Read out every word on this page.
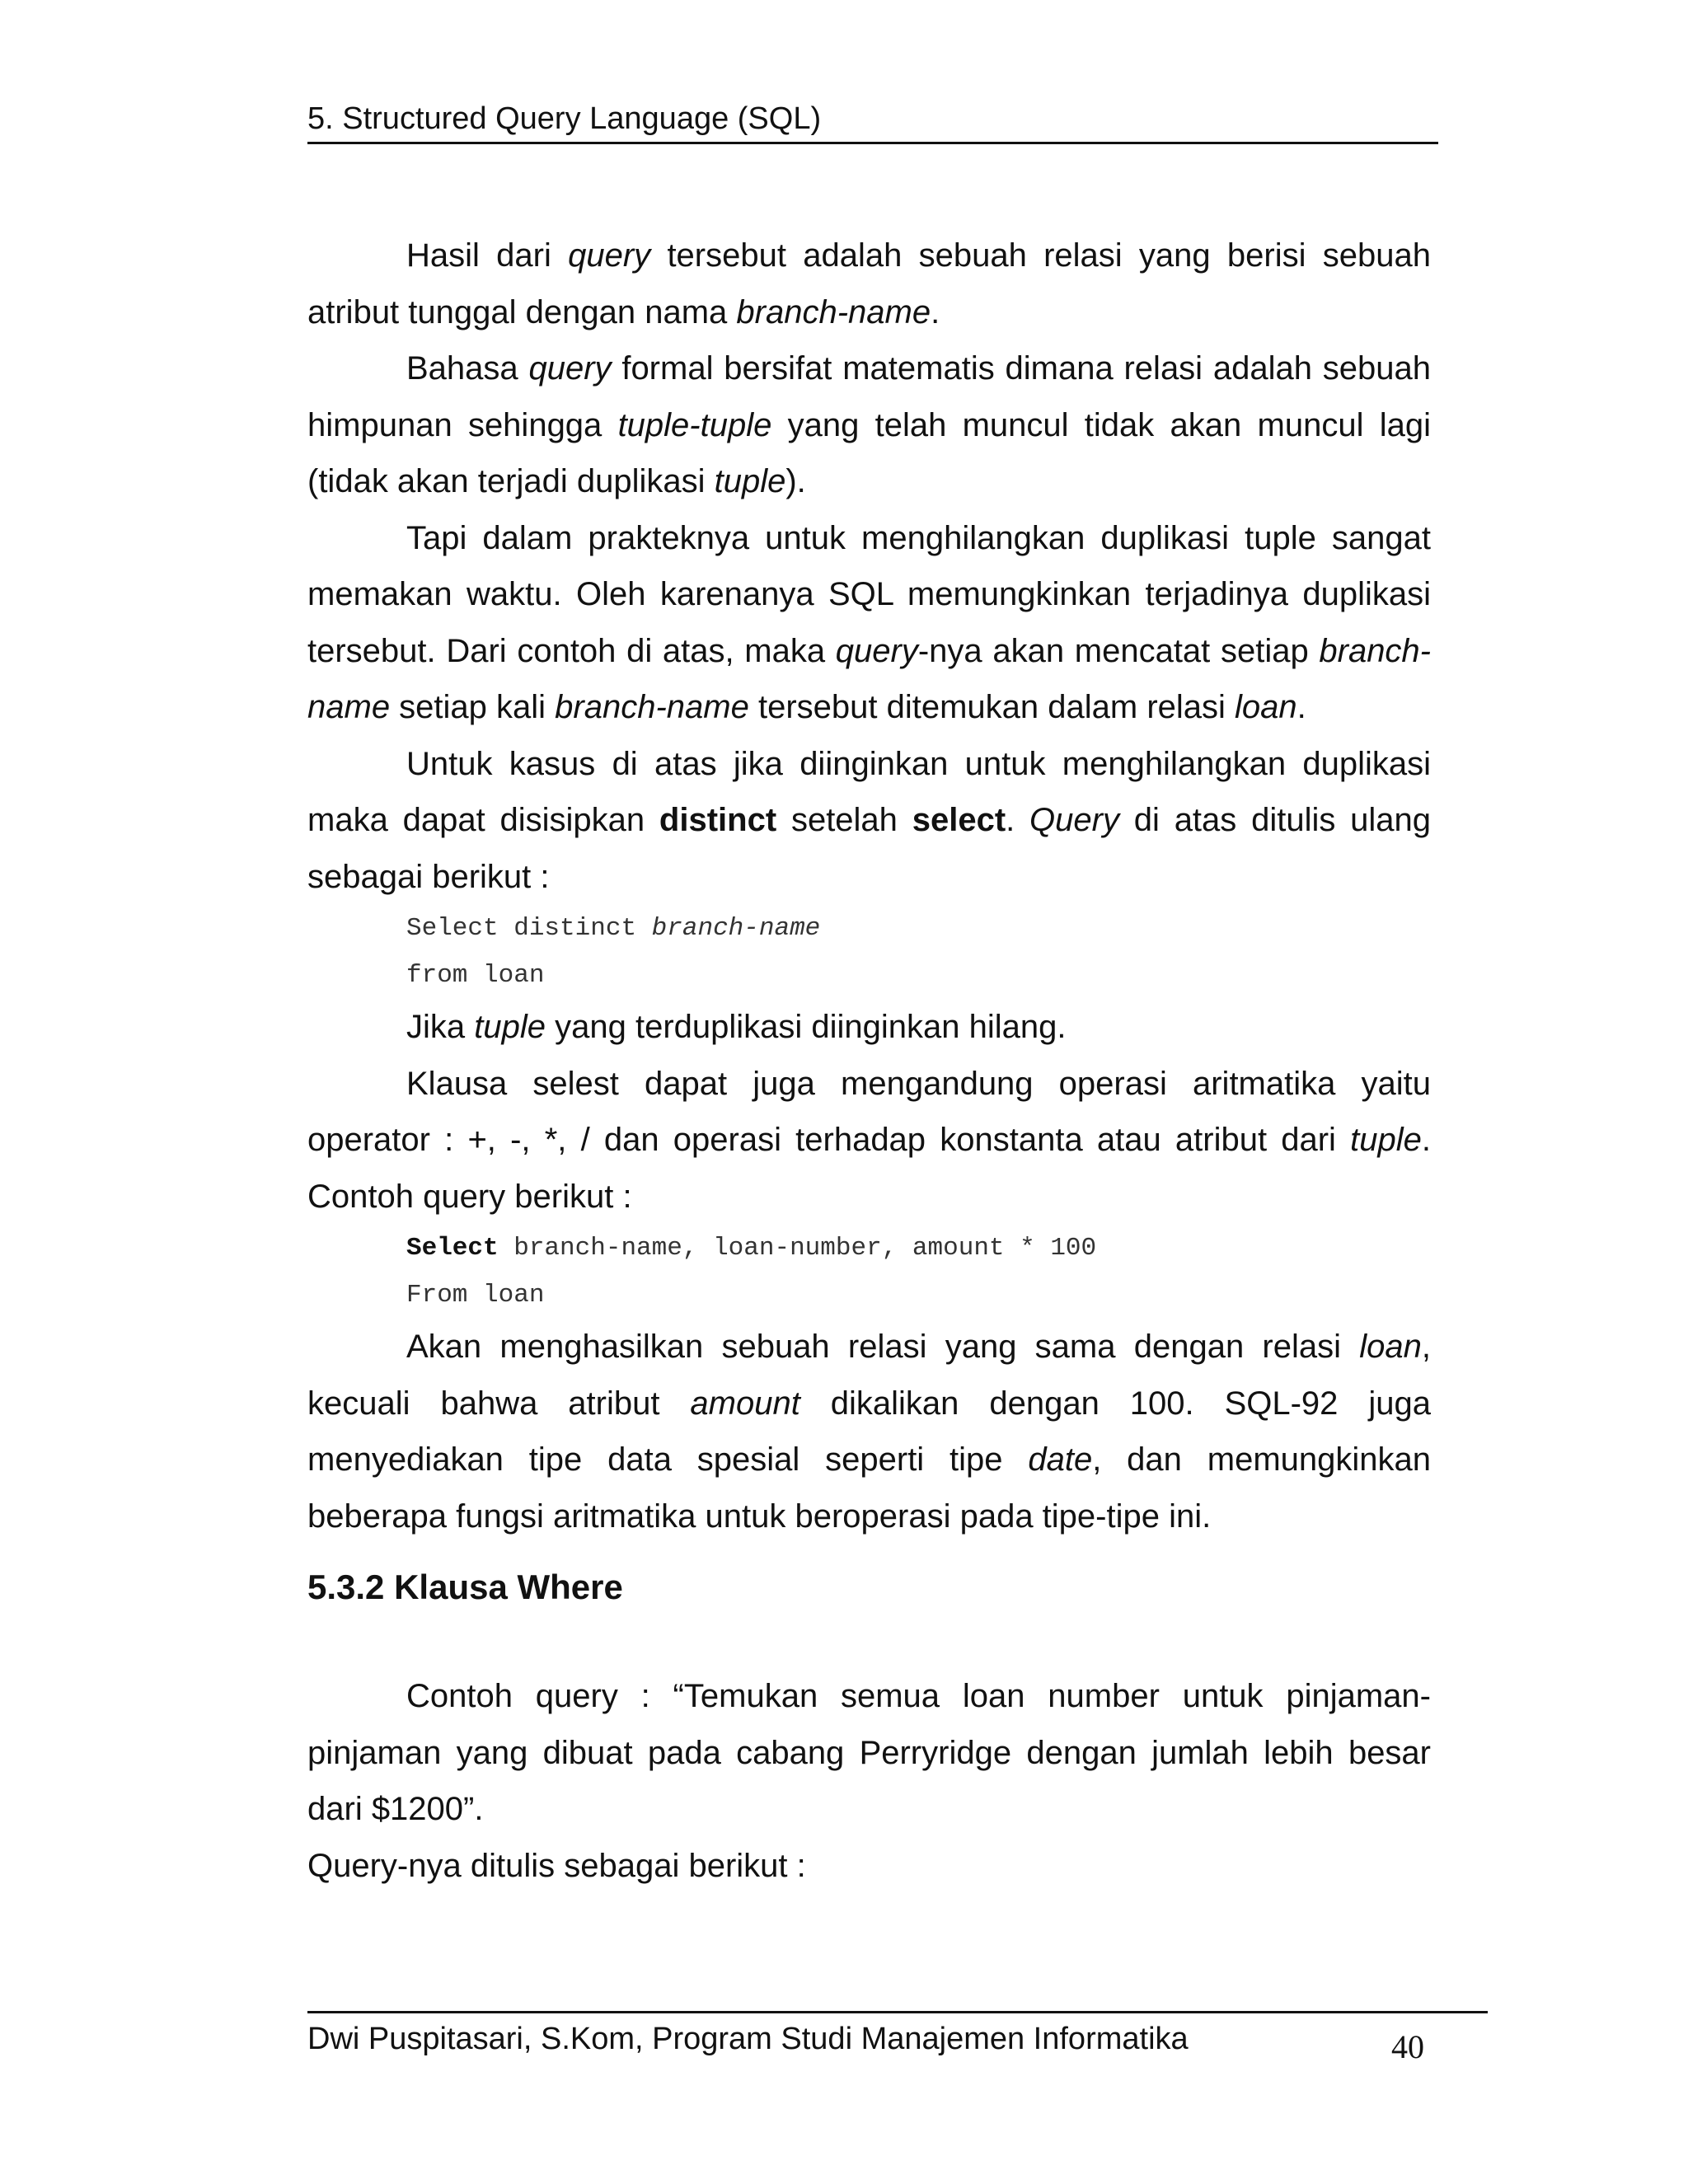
5. Structured Query Language (SQL)

Hasil dari query tersebut adalah sebuah relasi yang berisi sebuah atribut tunggal dengan nama branch-name.

Bahasa query formal bersifat matematis dimana relasi adalah sebuah himpunan sehingga tuple-tuple yang telah muncul tidak akan muncul lagi (tidak akan terjadi duplikasi tuple).

Tapi dalam prakteknya untuk menghilangkan duplikasi tuple sangat memakan waktu. Oleh karenanya SQL memungkinkan terjadinya duplikasi tersebut. Dari contoh di atas, maka query-nya akan mencatat setiap branch-name setiap kali branch-name tersebut ditemukan dalam relasi loan.

Untuk kasus di atas jika diinginkan untuk menghilangkan duplikasi maka dapat disisipkan distinct setelah select. Query di atas ditulis ulang sebagai berikut :

Select distinct branch-name
from loan

Jika tuple yang terduplikasi diinginkan hilang.

Klausa selest dapat juga mengandung operasi aritmatika yaitu operator : +, -, *, / dan operasi terhadap konstanta atau atribut dari tuple. Contoh query berikut :

Select branch-name, loan-number, amount * 100
From loan

Akan menghasilkan sebuah relasi yang sama dengan relasi loan, kecuali bahwa atribut amount dikalikan dengan 100. SQL-92 juga menyediakan tipe data spesial seperti tipe date, dan memungkinkan beberapa fungsi aritmatika untuk beroperasi pada tipe-tipe ini.

5.3.2 Klausa Where

Contoh query : “Temukan semua loan number untuk pinjaman-pinjaman yang dibuat pada cabang Perryridge dengan jumlah lebih besar dari $1200”.

Query-nya ditulis sebagai berikut :

Dwi Puspitasari, S.Kom, Program Studi Manajemen Informatika	40
